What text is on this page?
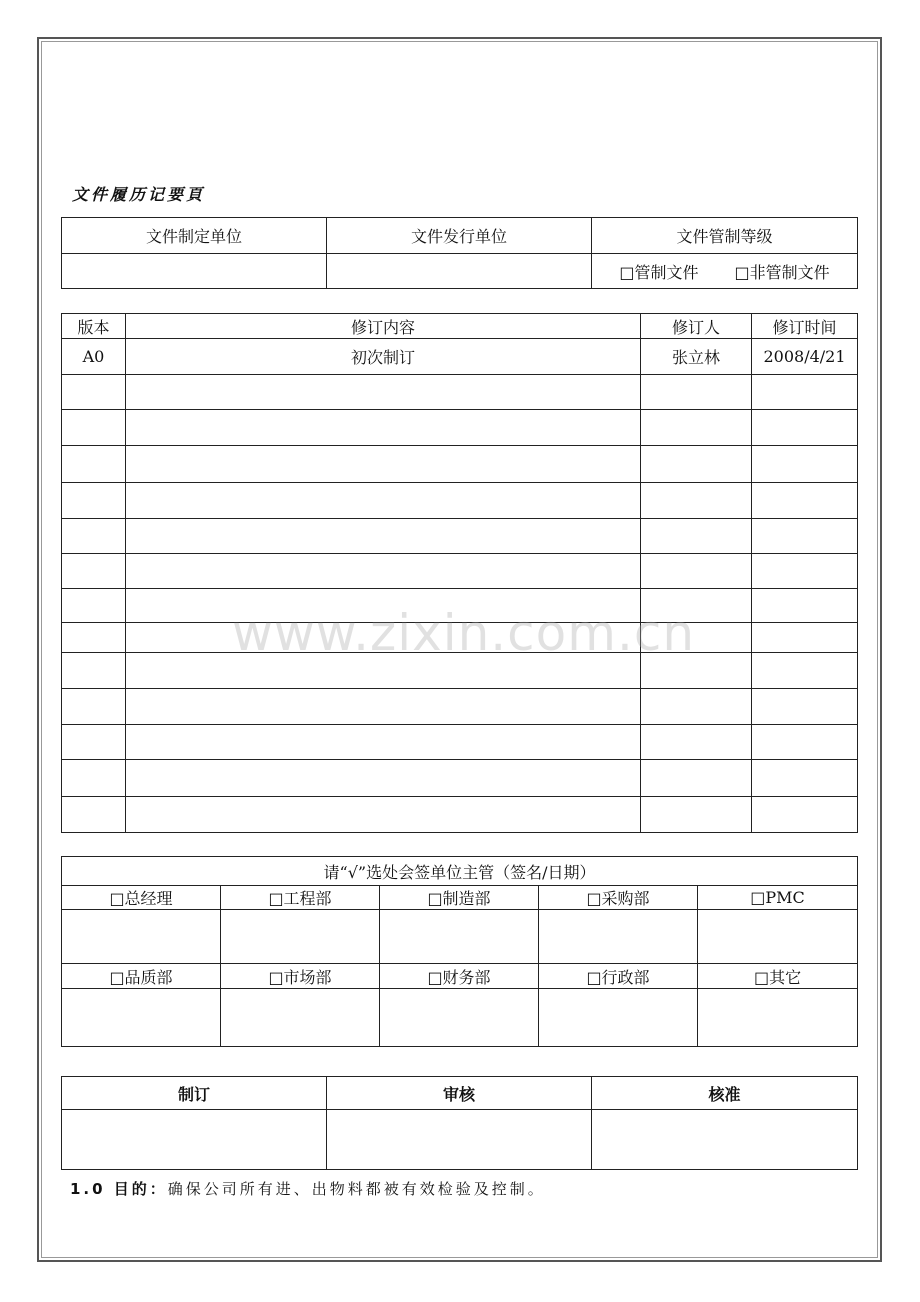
文件履历记要頁
文件制定单位	文件发行单位	文件管制等级
		□管制文件 □非管制文件
版本	修订内容	修订人	修订时间
A0	初次制订	张立林	2008/4/21

www.zixin.com.cn
请“√”选处会签单位主管（签名/日期）				
□总经理	□工程部	□制造部	□采购部	□PMC

□品质部	□市场部	□财务部	□行政部	□其它

制订	审核	核准

1.0 目的：确保公司所有进、出物料都被有效检验及控制。
